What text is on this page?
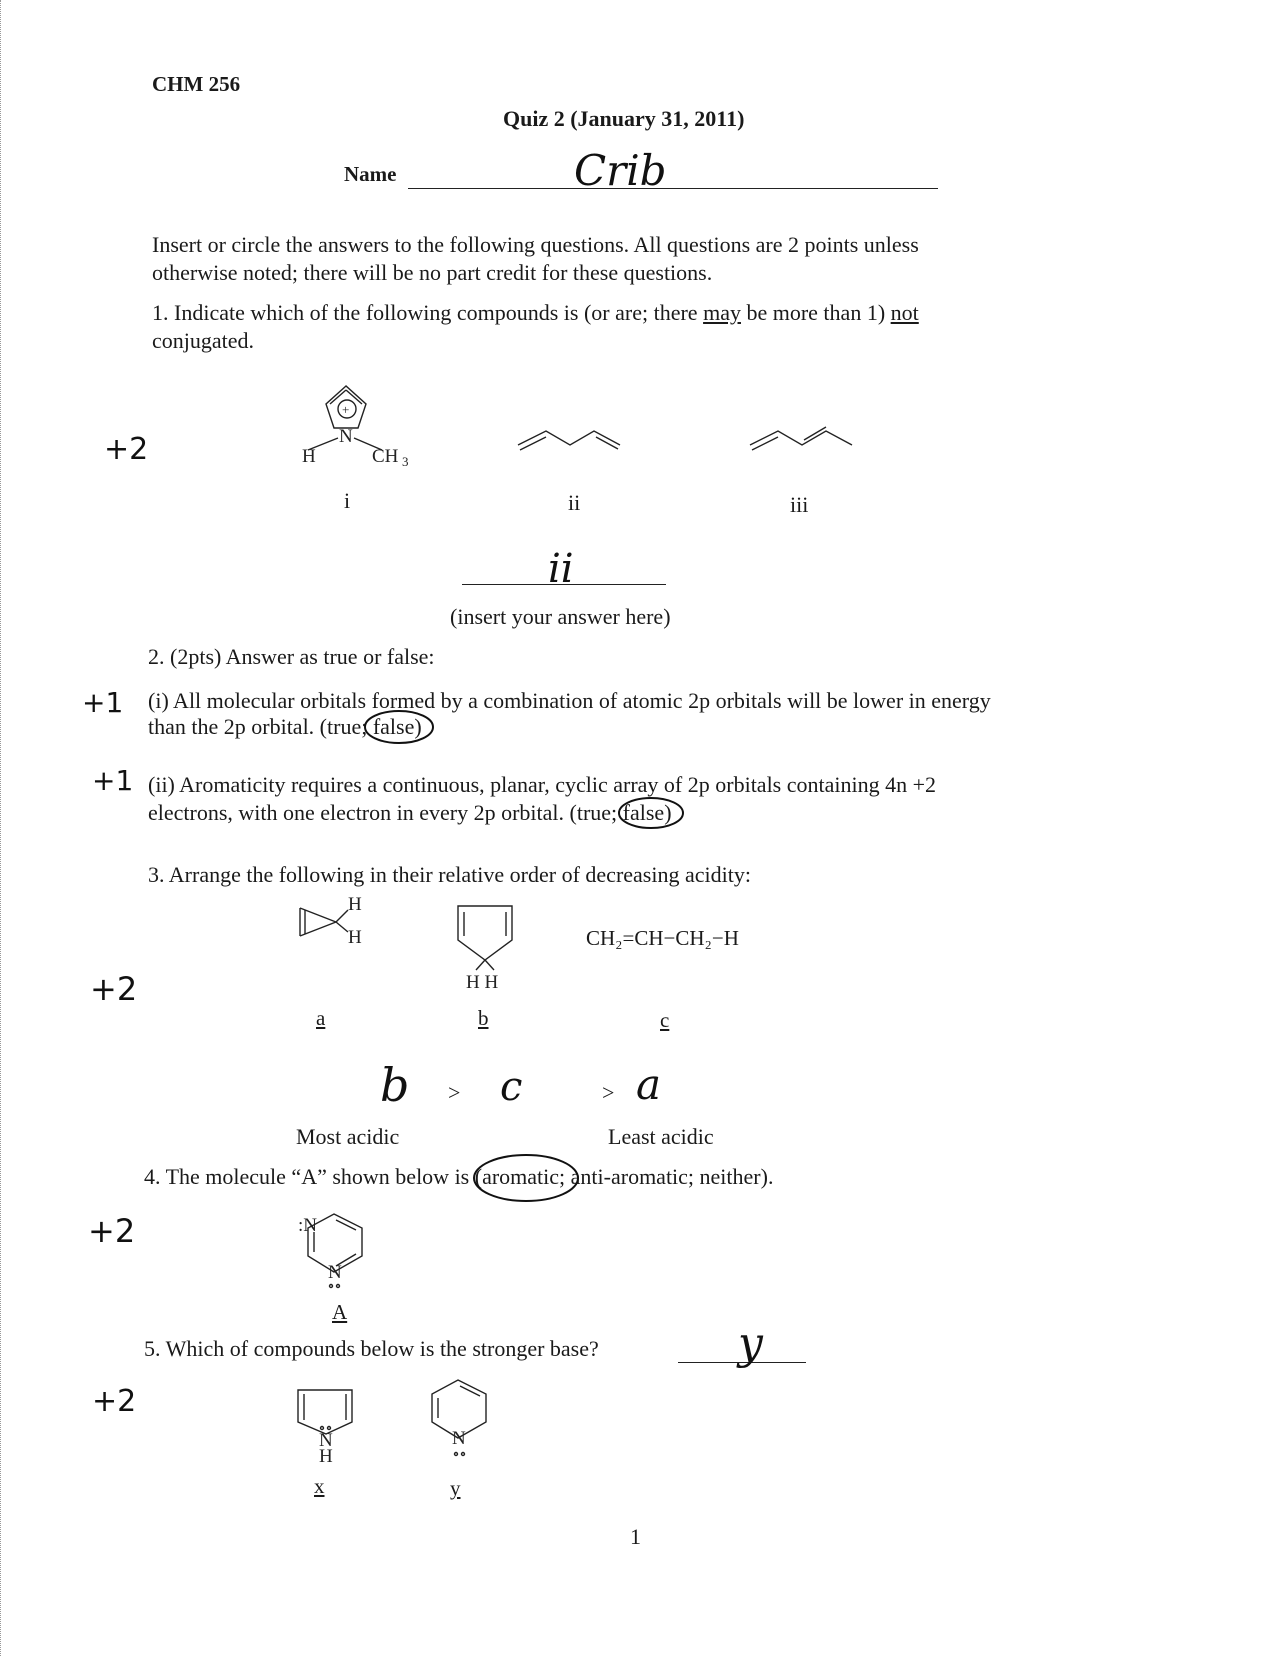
CHM 256
Quiz 2 (January 31, 2011)
Name	Crib
Insert or circle the answers to the following questions. All questions are 2 points unless
otherwise noted; there will be no part credit for these questions.
1. Indicate which of the following compounds is (or are; there may be more than 1) not
conjugated.
+2
+
N
H	CH 3
i	ii	iii
ii
(insert your answer here)
2. (2pts) Answer as true or false:
+1 (i) All molecular orbitals formed by a combination of atomic 2p orbitals will be lower in energy
than the 2p orbital. (true; false
)
+1 (ii) Aromaticity requires a continuous, planar, cyclic array of 2p orbitals containing 4n +2
electrons, with one electron in every 2p orbital. (true; false
)
3. Arrange the following in their relative order of decreasing acidity:
H
H
H H
CH₂=CH−CH₂−H
+2
a	b	c
b > c	> a
Most acidic	Least acidic
4. The molecule “A” shown below is (aromatic
; anti-aromatic; neither).
+2	:N
N
A
5. Which of compounds below is the stronger base?	y
+2
N
H
N
x	y
1
